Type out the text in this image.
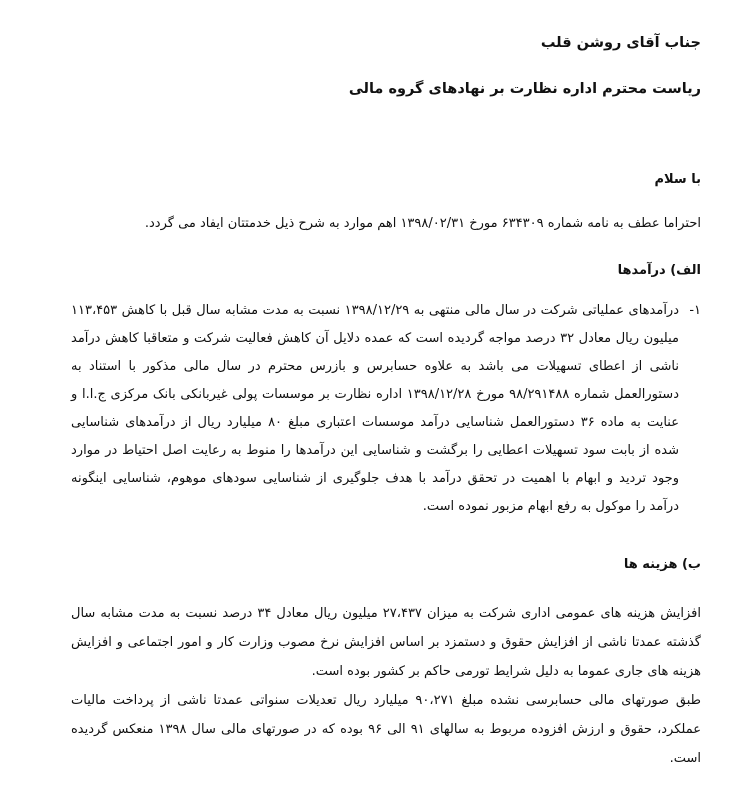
جناب آقای روشن قلب
ریاست محترم اداره نظارت بر نهادهای گروه مالی
با سلام
احتراما عطف به نامه شماره ۶۳۴۳۰۹ مورخ ۱۳۹۸/۰۲/۳۱ اهم موارد به شرح ذیل خدمتتان ایفاد می گردد.
الف) درآمدها
۱-
درآمدهای عملیاتی شرکت در سال مالی منتهی به ۱۳۹۸/۱۲/۲۹ نسبت به مدت مشابه سال قبل با کاهش ۱۱۳،۴۵۳ میلیون ریال معادل ۳۲ درصد مواجه گردیده است که عمده دلایل آن کاهش فعالیت شرکت و متعاقبا کاهش درآمد ناشی از اعطای تسهیلات می باشد به علاوه حسابرس و بازرس محترم در سال مالی مذکور با استناد به دستورالعمل شماره ۹۸/۲۹۱۴۸۸ مورخ ۱۳۹۸/۱۲/۲۸ اداره نظارت بر موسسات پولی غیربانکی بانک مرکزی ج.ا.ا و عنایت به ماده ۳۶ دستورالعمل شناسایی درآمد موسسات اعتباری مبلغ ۸۰ میلیارد ریال از درآمدهای شناسایی شده از بابت سود تسهیلات اعطایی را برگشت و شناسایی این درآمدها را منوط به رعایت اصل احتیاط در موارد وجود تردید و ابهام با اهمیت در تحقق درآمد با هدف جلوگیری از شناسایی سودهای موهوم، شناسایی اینگونه درآمد را موکول به رفع ابهام مزبور نموده است.
ب) هزینه ها
افزایش هزینه های عمومی اداری شرکت به میزان ۲۷،۴۳۷ میلیون ریال معادل ۳۴ درصد نسبت به مدت مشابه سال گذشته عمدتا ناشی از افزایش حقوق و دستمزد بر اساس افزایش نرخ مصوب وزارت کار و امور اجتماعی و افزایش هزینه های جاری عموما به دلیل شرایط تورمی حاکم بر کشور بوده است.
طبق صورتهای مالی حسابرسی نشده مبلغ ۹۰،۲۷۱ میلیارد ریال تعدیلات سنواتی عمدتا ناشی از پرداخت مالیات عملکرد، حقوق و ارزش افزوده مربوط به سالهای ۹۱ الی ۹۶ بوده که در صورتهای مالی سال ۱۳۹۸ منعکس گردیده است.
